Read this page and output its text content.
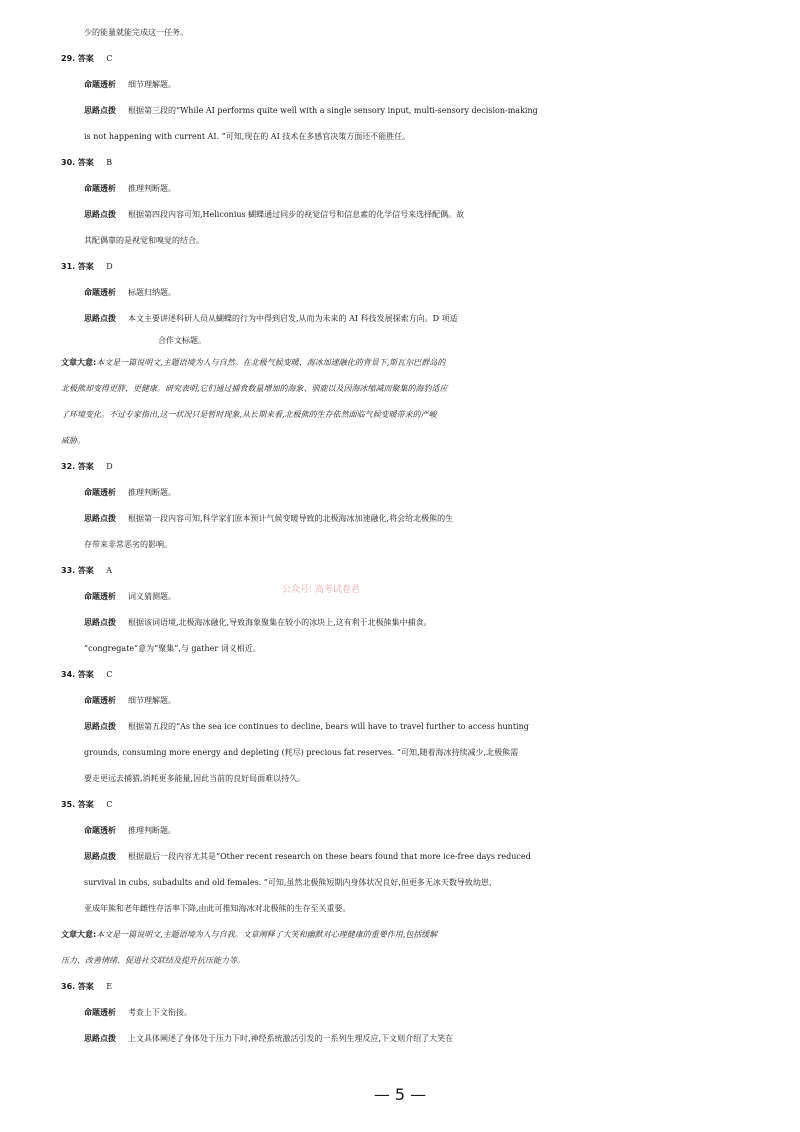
少的能量就能完成这一任务。
29. 答案 C
命题透析 细节理解题。
思路点拨 根据第三段的“While AI performs quite well with a single sensory input, multi-sensory decision-making
is not happening with current AI. ”可知,现在的 AI 技术在多感官决策方面还不能胜任。
30. 答案 B
命题透析 推理判断题。
思路点拨 根据第四段内容可知,Heliconius 蝴蝶通过同步的视觉信号和信息素的化学信号来选择配偶。故
其配偶靠的是视觉和嗅觉的结合。
31. 答案 D
命题透析 标题归纳题。
思路点拨 本文主要讲述科研人员从蝴蝶的行为中得到启发,从而为未来的 AI 科技发展探索方向。D 项适
合作文标题。
文章大意:本文是一篇说明文,主题语境为人与自然。在北极气候变暖、海冰加速融化的背景下,斯瓦尔巴群岛的
北极熊却变得更胖、更健康。研究表明,它们通过捕食数量增加的海象、驯鹿以及因海冰缩减而聚集的海豹适应
了环境变化。不过专家指出,这一状况只是暂时现象,从长期来看,北极熊的生存依然面临气候变暖带来的严峻
威胁。
32. 答案 D
命题透析 推理判断题。
思路点拨 根据第一段内容可知,科学家们原本预计气候变暖导致的北极海冰加速融化,将会给北极熊的生
存带来非常恶劣的影响。
公众号: 高考试卷君
33. 答案 A
命题透析 词义猜测题。
思路点拨 根据该词语境,北极海冰融化,导致海象聚集在较小的冰块上,这有利于北极熊集中捕食。
“congregate”意为“聚集”,与 gather 词义相近。
34. 答案 C
命题透析 细节理解题。
思路点拨 根据第五段的“As the sea ice continues to decline, bears will have to travel further to access hunting
grounds, consuming more energy and depleting (耗尽) precious fat reserves. ”可知,随着海冰持续减少,北极熊需
要走更远去捕猎,消耗更多能量,因此当前的良好局面难以持久。
35. 答案 C
命题透析 推理判断题。
思路点拨 根据最后一段内容尤其是“Other recent research on these bears found that more ice-free days reduced
survival in cubs, subadults and old females. ”可知,虽然北极熊短期内身体状况良好,但更多无冰天数导致幼崽、
亚成年熊和老年雌性存活率下降,由此可推知海冰对北极熊的生存至关重要。
文章大意:本文是一篇说明文,主题语境为人与自我。文章阐释了大笑和幽默对心理健康的重要作用,包括缓解
压力、改善情绪、促进社交联结及提升抗压能力等。
36. 答案 E
命题透析 考查上下文衔接。
思路点拨 上文具体阐述了身体处于压力下时,神经系统激活引发的一系列生理反应,下文则介绍了大笑在
— 5 —
